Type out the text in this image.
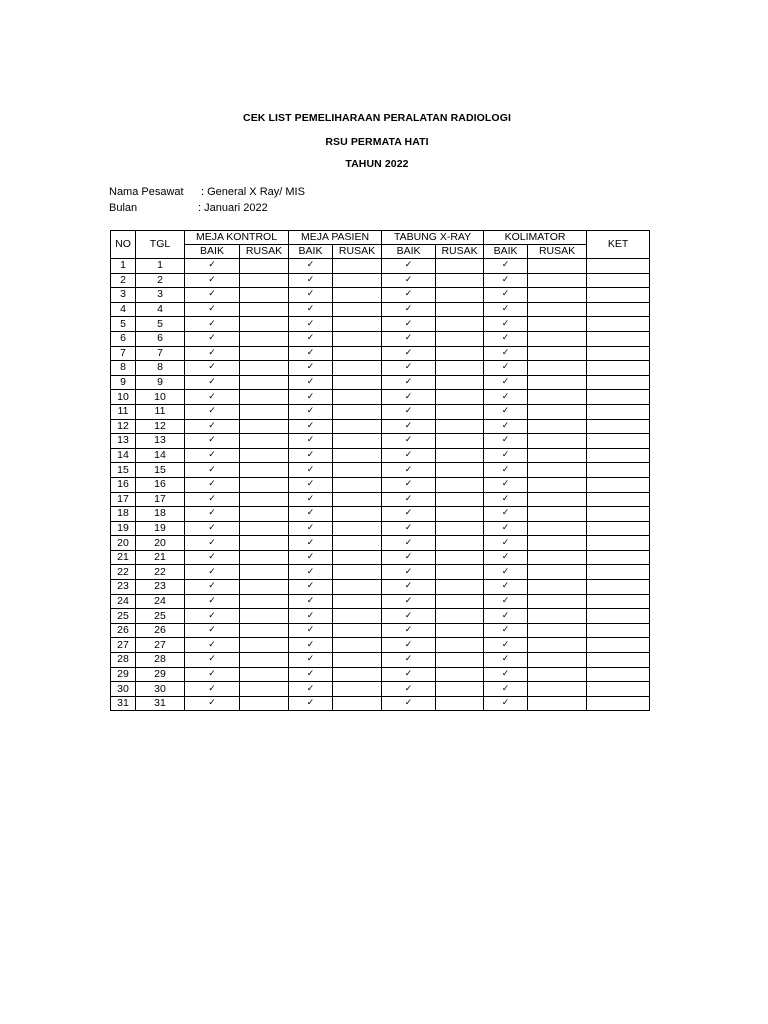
CEK LIST PEMELIHARAAN PERALATAN RADIOLOGI
RSU PERMATA HATI
TAHUN 2022
Nama Pesawat : General X Ray/ MIS
Bulan	: Januari 2022
NO	TGL	MEJA KONTROL		MEJA PASIEN		TABUNG X-RAY		KOLIMATOR		KET
		BAIK	RUSAK	BAIK	RUSAK	BAIK	RUSAK	BAIK	RUSAK	
1	1	✓		✓		✓		✓		
2	2	✓		✓		✓		✓		
3	3	✓		✓		✓		✓		
4	4	✓		✓		✓		✓		
5	5	✓		✓		✓		✓		
6	6	✓		✓		✓		✓		
7	7	✓		✓		✓		✓		
8	8	✓		✓		✓		✓		
9	9	✓		✓		✓		✓		
10	10	✓		✓		✓		✓		
11	11	✓		✓		✓		✓		
12	12	✓		✓		✓		✓		
13	13	✓		✓		✓		✓		
14	14	✓		✓		✓		✓		
15	15	✓		✓		✓		✓		
16	16	✓		✓		✓		✓		
17	17	✓		✓		✓		✓		
18	18	✓		✓		✓		✓		
19	19	✓		✓		✓		✓		
20	20	✓		✓		✓		✓		
21	21	✓		✓		✓		✓		
22	22	✓		✓		✓		✓		
23	23	✓		✓		✓		✓		
24	24	✓		✓		✓		✓		
25	25	✓		✓		✓		✓		
26	26	✓		✓		✓		✓		
27	27	✓		✓		✓		✓		
28	28	✓		✓		✓		✓		
29	29	✓		✓		✓		✓		
30	30	✓		✓		✓		✓		
31	31	✓		✓		✓		✓		
